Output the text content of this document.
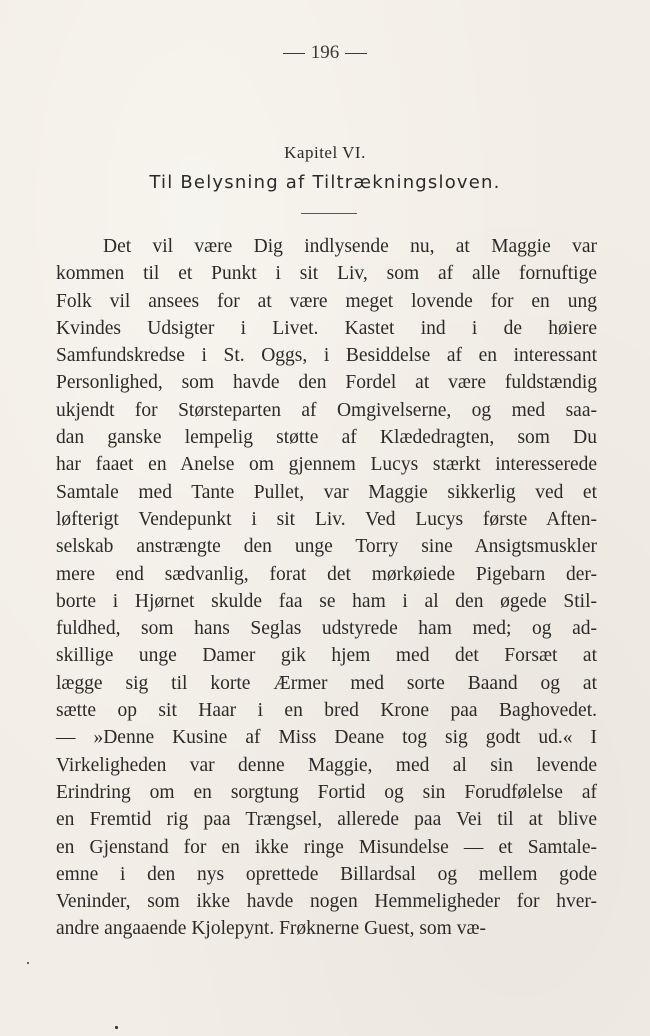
196
Kapitel VI.
Til Belysning af Tiltrækningsloven.
Det vil være Dig indlysende nu, at Maggie var
kommen til et Punkt i sit Liv, som af alle fornuftige
Folk vil ansees for at være meget lovende for en ung
Kvindes Udsigter i Livet. Kastet ind i de høiere
Samfundskredse i St. Oggs, i Besiddelse af en interessant
Personlighed, som havde den Fordel at være fuldstændig
ukjendt for Størsteparten af Omgivelserne, og med saa-
dan ganske lempelig støtte af Klædedragten, som Du
har faaet en Anelse om gjennem Lucys stærkt interesserede
Samtale med Tante Pullet, var Maggie sikkerlig ved et
løfterigt Vendepunkt i sit Liv. Ved Lucys første Aften-
selskab anstrængte den unge Torry sine Ansigtsmuskler
mere end sædvanlig, forat det mørkøiede Pigebarn der-
borte i Hjørnet skulde faa se ham i al den øgede Stil-
fuldhed, som hans Seglas udstyrede ham med; og ad-
skillige unge Damer gik hjem med det Forsæt at
lægge sig til korte Ærmer med sorte Baand og at
sætte op sit Haar i en bred Krone paa Baghovedet.
— »Denne Kusine af Miss Deane tog sig godt ud.« I
Virkeligheden var denne Maggie, med al sin levende
Erindring om en sorgtung Fortid og sin Forudfølelse af
en Fremtid rig paa Trængsel, allerede paa Vei til at blive
en Gjenstand for en ikke ringe Misundelse — et Samtale-
emne i den nys oprettede Billardsal og mellem gode
Veninder, som ikke havde nogen Hemmeligheder for hver-
andre angaaende Kjolepynt. Frøknerne Guest, som væ-
